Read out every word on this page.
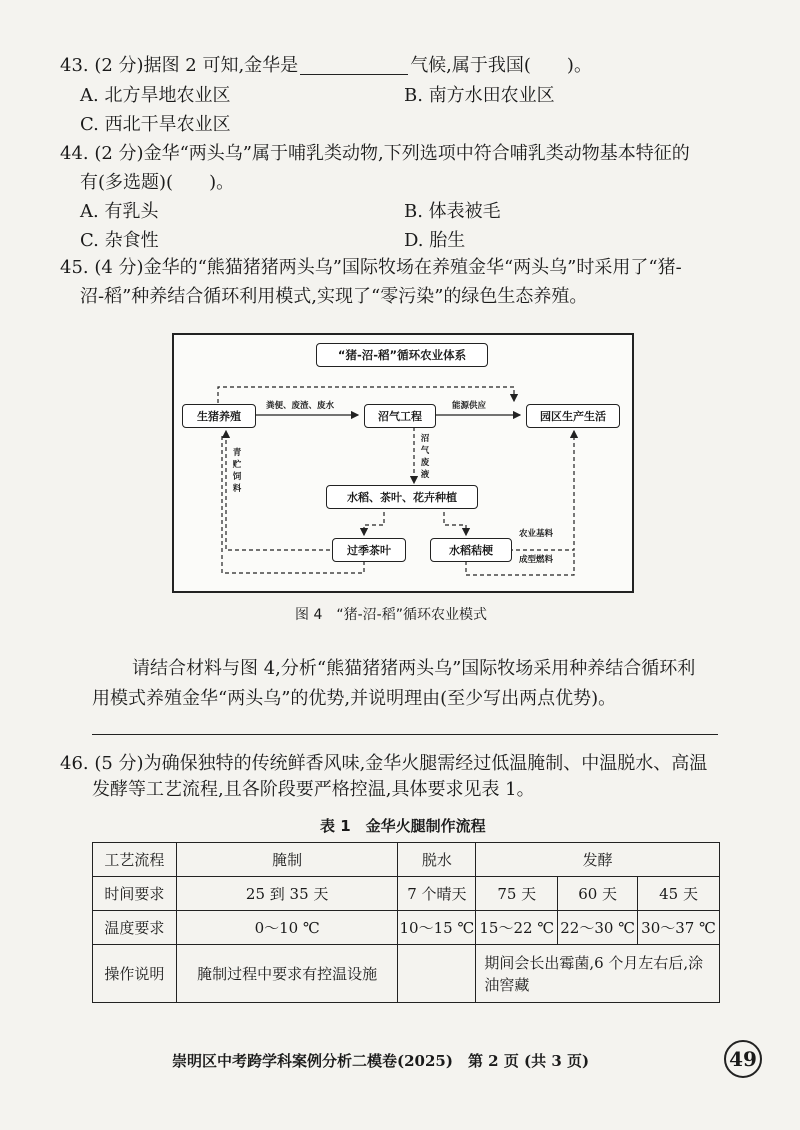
43. (2 分)据图 2 可知,金华是	气候,属于我国(　　)。
A. 北方旱地农业区	B. 南方水田农业区
C. 西北干旱农业区
44. (2 分)金华“两头乌”属于哺乳类动物,下列选项中符合哺乳类动物基本特征的
有(多选题)(　　)。
A. 有乳头	B. 体表被毛
C. 杂食性	D. 胎生
45. (4 分)金华的“熊猫猪猪两头乌”国际牧场在养殖金华“两头乌”时采用了“猪-
沼-稻”种养结合循环利用模式,实现了“零污染”的绿色生态养殖。
“猪-沼-稻”循环农业体系
生猪养殖	沼气工程	园区生产生活
水稻、茶叶、花卉种植
过季茶叶	水稻秸梗
粪便、废渣、废水	能源供应
沼气废液
青贮饲料
农业基料
成型燃料
图 4　“猪-沼-稻”循环农业模式
请结合材料与图 4,分析“熊猫猪猪两头乌”国际牧场采用种养结合循环利
用模式养殖金华“两头乌”的优势,并说明理由(至少写出两点优势)。
46. (5 分)为确保独特的传统鲜香风味,金华火腿需经过低温腌制、中温脱水、高温
发酵等工艺流程,且各阶段要严格控温,具体要求见表 1。
表 1　金华火腿制作流程
工艺流程	腌制	脱水	发酵		
时间要求	25 到 35 天	7 个晴天	75 天	60 天	45 天
温度要求	0～10 ℃	10～15 ℃	15～22 ℃	22～30 ℃	30～37 ℃
操作说明	腌制过程中要求有控温设施		期间会长出霉菌,6 个月左右后,涂油窖藏		
崇明区中考跨学科案例分析二模卷(2025)　第 2 页 (共 3 页)	49
